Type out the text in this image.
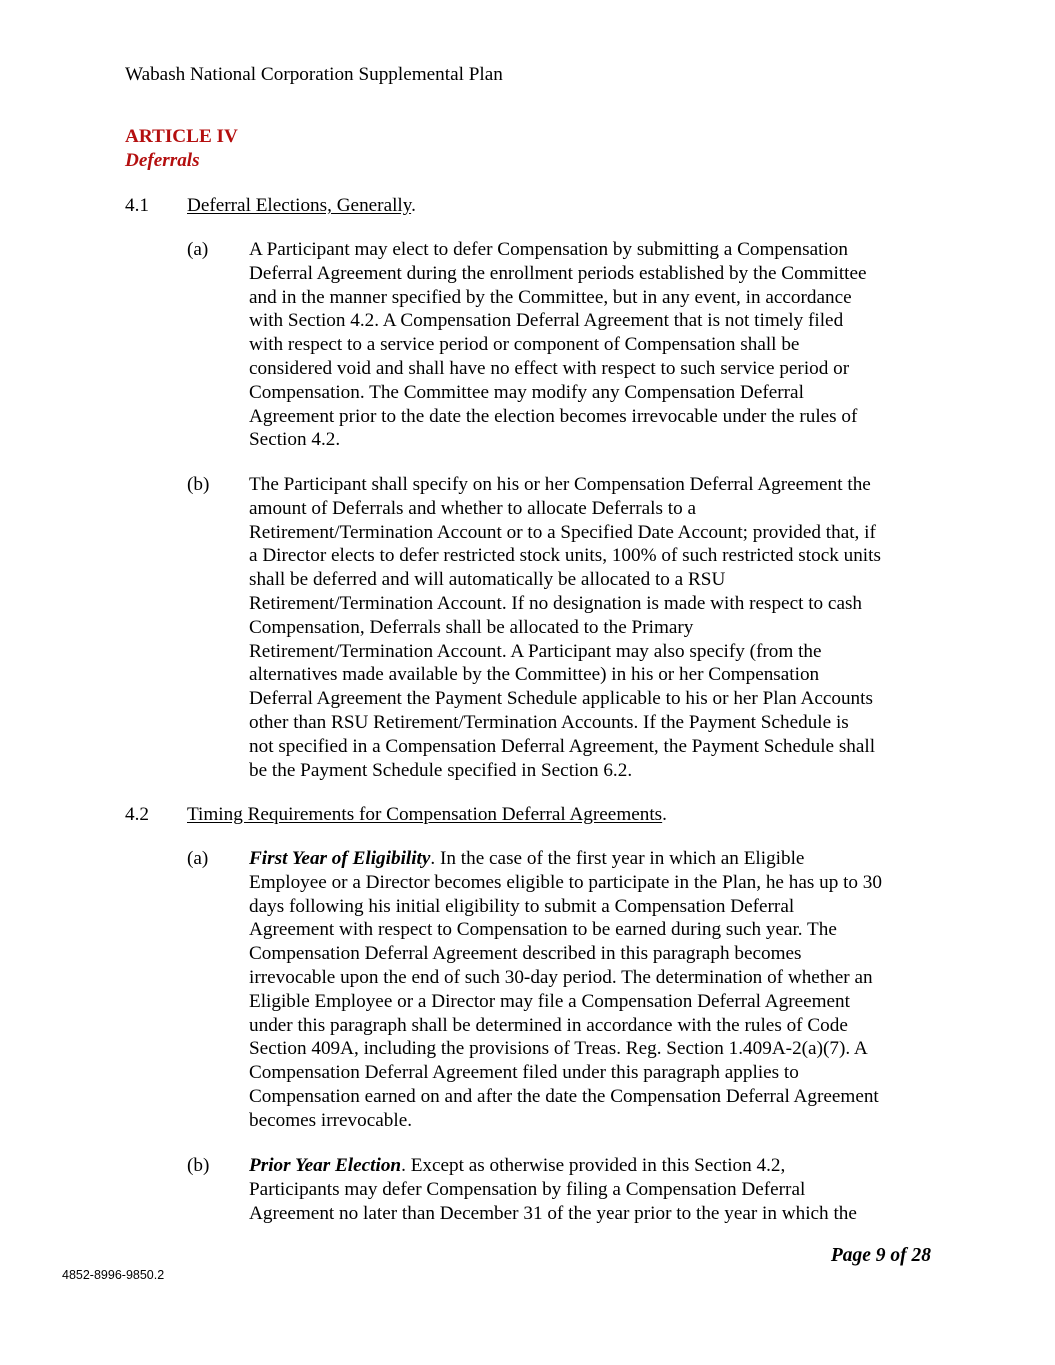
Wabash National Corporation Supplemental Plan
ARTICLE IV
Deferrals
4.1 Deferral Elections, Generally.
(a) A Participant may elect to defer Compensation by submitting a Compensation
Deferral Agreement during the enrollment periods established by the Committee
and in the manner specified by the Committee, but in any event, in accordance
with Section 4.2. A Compensation Deferral Agreement that is not timely filed
with respect to a service period or component of Compensation shall be
considered void and shall have no effect with respect to such service period or
Compensation. The Committee may modify any Compensation Deferral
Agreement prior to the date the election becomes irrevocable under the rules of
Section 4.2.
(b) The Participant shall specify on his or her Compensation Deferral Agreement the
amount of Deferrals and whether to allocate Deferrals to a
Retirement/Termination Account or to a Specified Date Account; provided that, if
a Director elects to defer restricted stock units, 100% of such restricted stock units
shall be deferred and will automatically be allocated to a RSU
Retirement/Termination Account. If no designation is made with respect to cash
Compensation, Deferrals shall be allocated to the Primary
Retirement/Termination Account. A Participant may also specify (from the
alternatives made available by the Committee) in his or her Compensation
Deferral Agreement the Payment Schedule applicable to his or her Plan Accounts
other than RSU Retirement/Termination Accounts. If the Payment Schedule is
not specified in a Compensation Deferral Agreement, the Payment Schedule shall
be the Payment Schedule specified in Section 6.2.
4.2 Timing Requirements for Compensation Deferral Agreements.
(a) First Year of Eligibility. In the case of the first year in which an Eligible
Employee or a Director becomes eligible to participate in the Plan, he has up to 30
days following his initial eligibility to submit a Compensation Deferral
Agreement with respect to Compensation to be earned during such year. The
Compensation Deferral Agreement described in this paragraph becomes
irrevocable upon the end of such 30-day period. The determination of whether an
Eligible Employee or a Director may file a Compensation Deferral Agreement
under this paragraph shall be determined in accordance with the rules of Code
Section 409A, including the provisions of Treas. Reg. Section 1.409A-2(a)(7). A
Compensation Deferral Agreement filed under this paragraph applies to
Compensation earned on and after the date the Compensation Deferral Agreement
becomes irrevocable.
(b) Prior Year Election. Except as otherwise provided in this Section 4.2,
Participants may defer Compensation by filing a Compensation Deferral
Agreement no later than December 31 of the year prior to the year in which the
Page 9 of 28
4852-8996-9850.2
